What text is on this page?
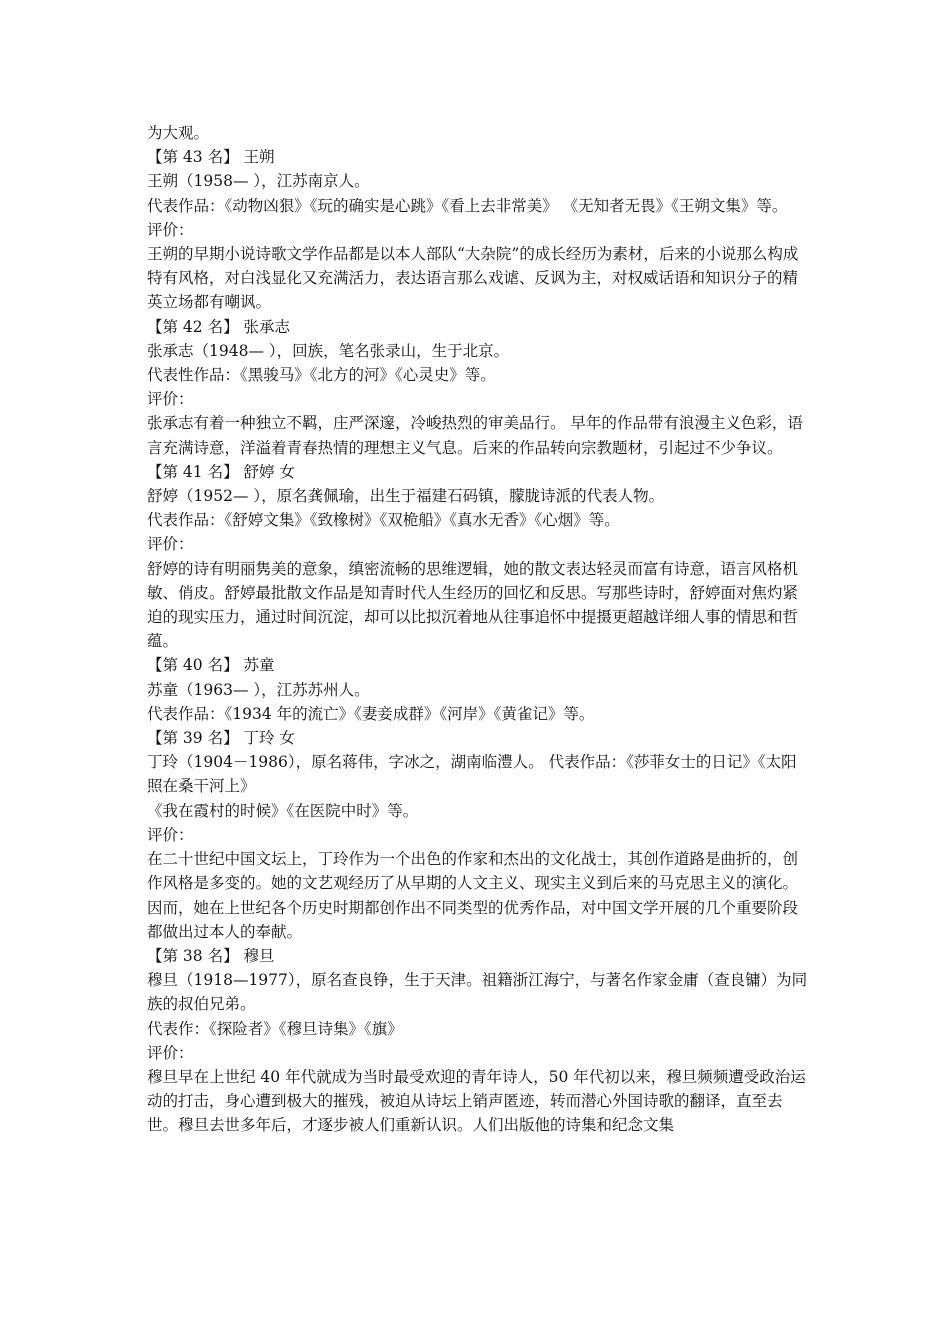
为大观。

【第 43 名】 王朔

王朔（1958— ），江苏南京人。

代表作品：《动物凶狠》《玩的确实是心跳》《看上去非常美》 《无知者无畏》《王朔文集》等。

评价：

王朔的早期小说诗歌文学作品都是以本人部队“大杂院”的成长经历为素材，后来的小说那么构成特有风格，对白浅显化又充满活力，表达语言那么戏谑、反讽为主，对权威话语和知识分子的精英立场都有嘲讽。

【第 42 名】 张承志

张承志（1948— ），回族，笔名张录山，生于北京。

代表性作品：《黑骏马》《北方的河》《心灵史》等。

评价：

张承志有着一种独立不羁，庄严深邃，冷峻热烈的审美品行。 早年的作品带有浪漫主义色彩，语言充满诗意，洋溢着青春热情的理想主义气息。后来的作品转向宗教题材，引起过不少争议。

【第 41 名】 舒婷 女

舒婷（1952— ），原名龚佩瑜，出生于福建石码镇，朦胧诗派的代表人物。

代表作品：《舒婷文集》《致橡树》《双桅船》《真水无香》《心烟》等。

评价：

舒婷的诗有明丽隽美的意象，缜密流畅的思维逻辑，她的散文表达轻灵而富有诗意，语言风格机敏、俏皮。舒婷最批散文作品是知青时代人生经历的回忆和反思。写那些诗时，舒婷面对焦灼紧迫的现实压力，通过时间沉淀，却可以比拟沉着地从往事追怀中提摄更超越详细人事的情思和哲蕴。

【第 40 名】 苏童

苏童（1963— ），江苏苏州人。

代表作品：《1934 年的流亡》《妻妾成群》《河岸》《黄雀记》等。

【第 39 名】 丁玲 女

丁玲（1904－1986），原名蒋伟，字冰之，湖南临澧人。 代表作品：《莎菲女士的日记》《太阳照在桑干河上》

《我在霞村的时候》《在医院中时》等。

评价：

在二十世纪中国文坛上，丁玲作为一个出色的作家和杰出的文化战士，其创作道路是曲折的，创作风格是多变的。她的文艺观经历了从早期的人文主义、现实主义到后来的马克思主义的演化。因而，她在上世纪各个历史时期都创作出不同类型的优秀作品，对中国文学开展的几个重要阶段都做出过本人的奉献。

【第 38 名】 穆旦

穆旦（1918—1977），原名查良铮，生于天津。祖籍浙江海宁，与著名作家金庸（查良镛）为同族的叔伯兄弟。

代表作：《探险者》《穆旦诗集》《旗》

评价：

穆旦早在上世纪 40 年代就成为当时最受欢迎的青年诗人，50 年代初以来，穆旦频频遭受政治运动的打击，身心遭到极大的摧残，被迫从诗坛上销声匿迹，转而潜心外国诗歌的翻译，直至去世。穆旦去世多年后，才逐步被人们重新认识。人们出版他的诗集和纪念文集
